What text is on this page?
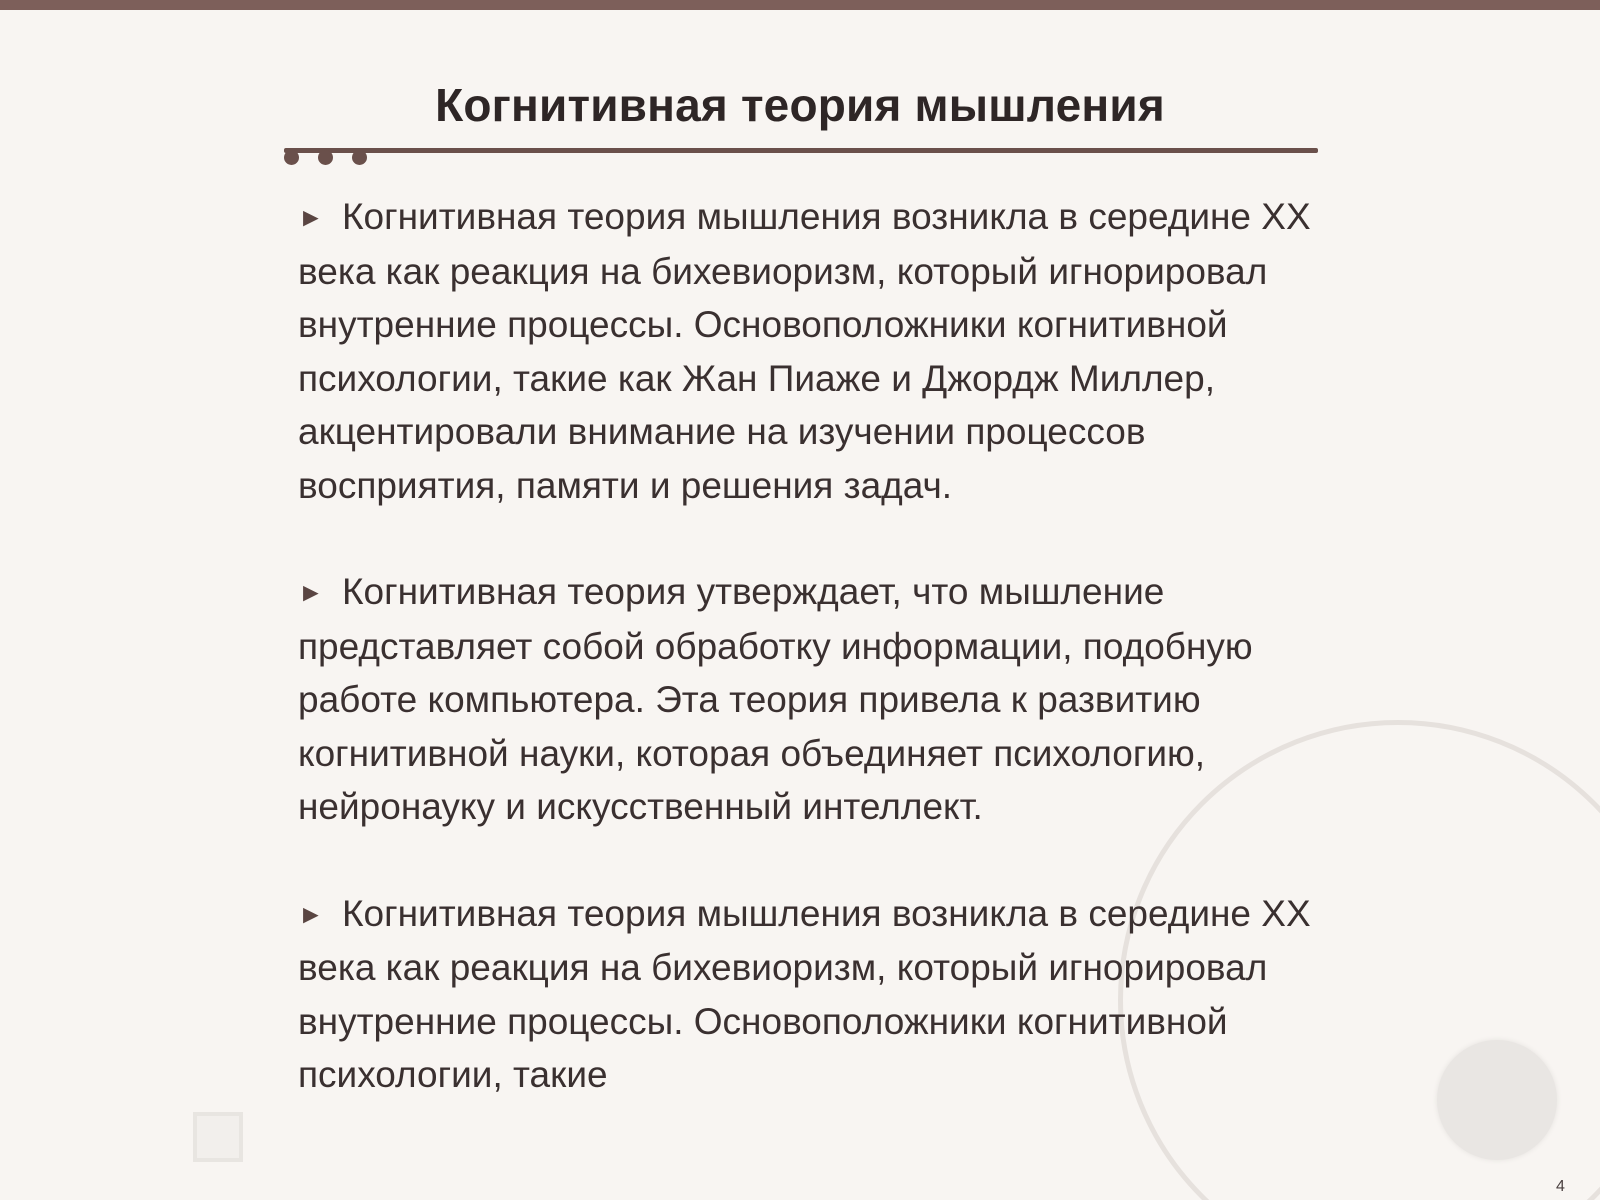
Когнитивная теория мышления

► Когнитивная теория мышления возникла в середине XX века как реакция на бихевиоризм, который игнорировал внутренние процессы. Основоположники когнитивной психологии, такие как Жан Пиаже и Джордж Миллер, акцентировали внимание на изучении процессов восприятия, памяти и решения задач.

► Когнитивная теория утверждает, что мышление представляет собой обработку информации, подобную работе компьютера. Эта теория привела к развитию когнитивной науки, которая объединяет психологию, нейронауку и искусственный интеллект.

► Когнитивная теория мышления возникла в середине XX века как реакция на бихевиоризм, который игнорировал внутренние процессы. Основоположники когнитивной психологии, такие

4
